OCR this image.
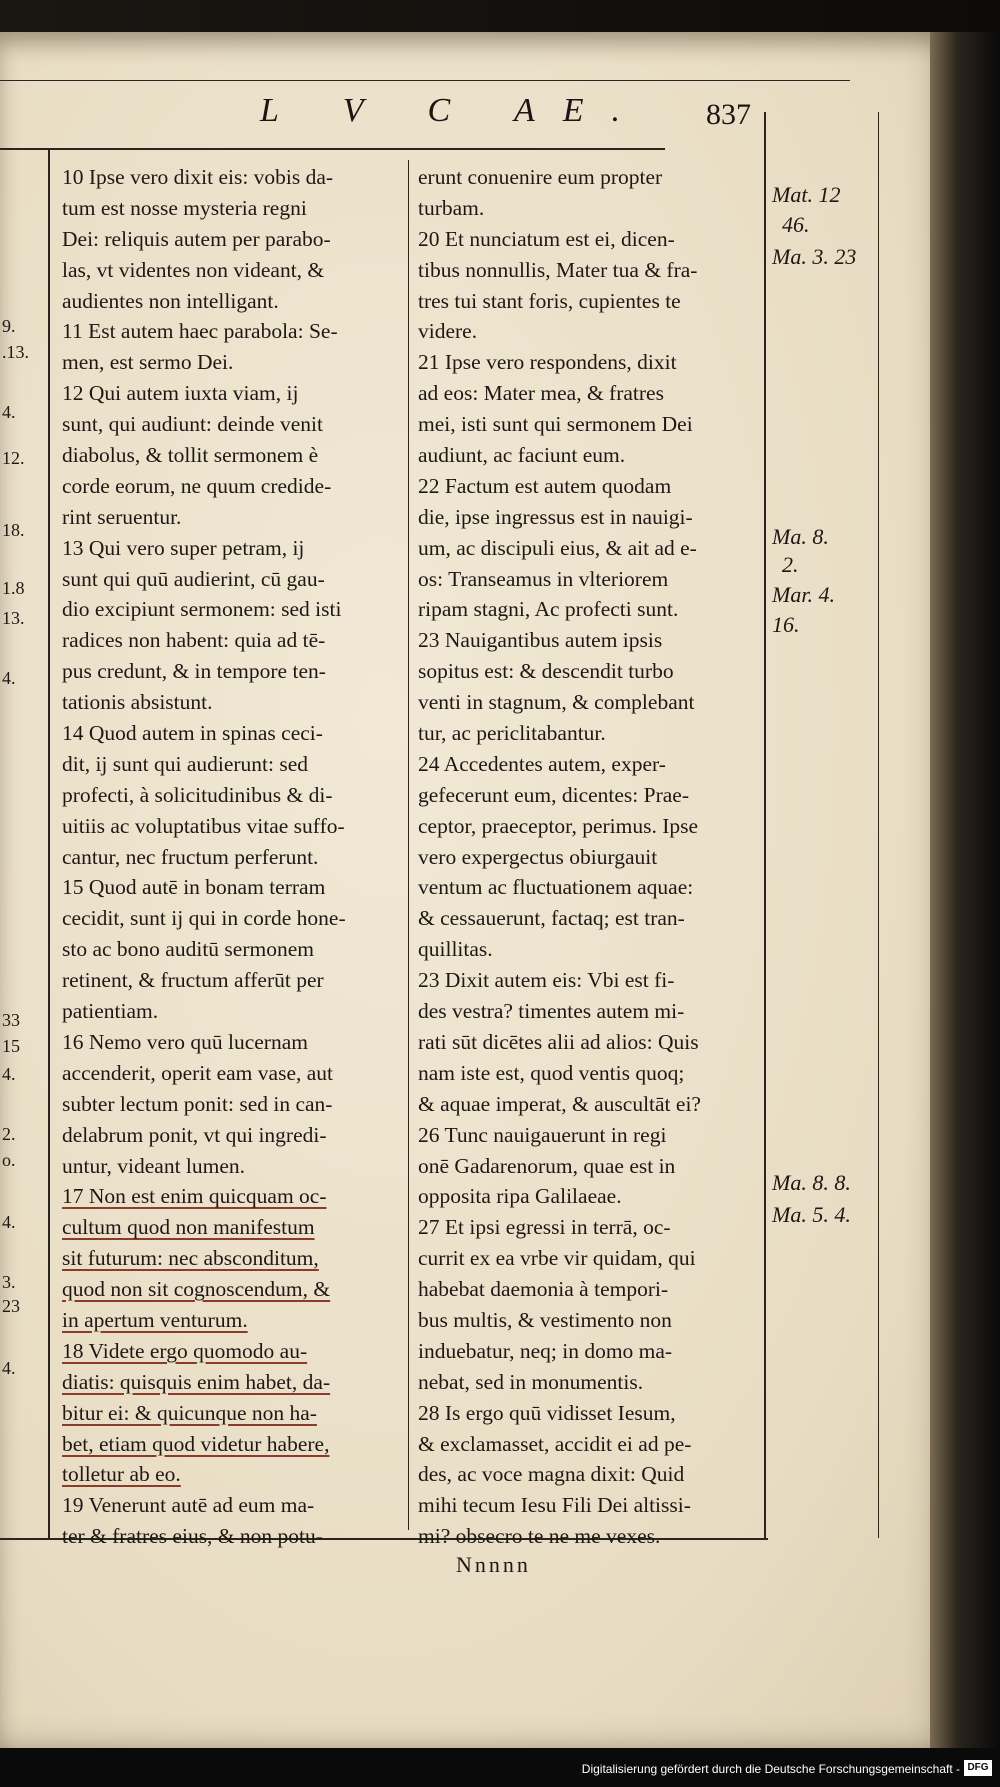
L V C AE.	837
10 Ipse vero dixit eis: vobis da-
tum est nosse mysteria regni
Dei: reliquis autem per parabo-
las, vt videntes non videant, &
audientes non intelligant.
11 Est autem haec parabola: Se-
men, est sermo Dei.
12 Qui autem iuxta viam, ij
sunt, qui audiunt: deinde venit
diabolus, & tollit sermonem è
corde eorum, ne quum credide-
rint seruentur.
13 Qui vero super petram, ij
sunt qui quū audierint, cū gau-
dio excipiunt sermonem: sed isti
radices non habent: quia ad tē-
pus credunt, & in tempore ten-
tationis absistunt.
14 Quod autem in spinas ceci-
dit, ij sunt qui audierunt: sed
profecti, à solicitudinibus & di-
uitiis ac voluptatibus vitae suffo-
cantur, nec fructum perferunt.
15 Quod autē in bonam terram
cecidit, sunt ij qui in corde hone-
sto ac bono auditū sermonem
retinent, & fructum afferūt per
patientiam.
16 Nemo vero quū lucernam
accenderit, operit eam vase, aut
subter lectum ponit: sed in can-
delabrum ponit, vt qui ingredi-
untur, videant lumen.
17 Non est enim quicquam oc-
cultum quod non manifestum
sit futurum: nec absconditum,
quod non sit cognoscendum, &
in apertum venturum.
18 Videte ergo quomodo au-
diatis: quisquis enim habet, da-
bitur ei: & quicunque non ha-
bet, etiam quod videtur habere,
tolletur ab eo.
19 Venerunt autē ad eum ma-
ter & fratres eius, & non potu-
erunt conuenire eum propter
turbam.
20 Et nunciatum est ei, dicen-
tibus nonnullis, Mater tua & fra-
tres tui stant foris, cupientes te
videre.
21 Ipse vero respondens, dixit
ad eos: Mater mea, & fratres
mei, isti sunt qui sermonem Dei
audiunt, ac faciunt eum.
22 Factum est autem quodam
die, ipse ingressus est in nauigi-
um, ac discipuli eius, & ait ad e-
os: Transeamus in vlteriorem
ripam stagni, Ac profecti sunt.
23 Nauigantibus autem ipsis
sopitus est: & descendit turbo
venti in stagnum, & complebant
tur, ac periclitabantur.
24 Accedentes autem, exper-
gefecerunt eum, dicentes: Prae-
ceptor, praeceptor, perimus. Ipse
vero expergectus obiurgauit
ventum ac fluctuationem aquae:
& cessauerunt, factaq; est tran-
quillitas.
23 Dixit autem eis: Vbi est fi-
des vestra? timentes autem mi-
rati sūt dicētes alii ad alios: Quis
nam iste est, quod ventis quoq;
& aquae imperat, & auscultāt ei?
26 Tunc nauigauerunt in regi
onē Gadarenorum, quae est in
opposita ripa Galilaeae.
27 Et ipsi egressi in terrā, oc-
currit ex ea vrbe vir quidam, qui
habebat daemonia à tempori-
bus multis, & vestimento non
induebatur, neq; in domo ma-
nebat, sed in monumentis.
28 Is ergo quū vidisset Iesum,
& exclamasset, accidit ei ad pe-
des, ac voce magna dixit: Quid
mihi tecum Iesu Fili Dei altissi-
mi? obsecro te ne me vexes.
9.
.13.
4.
12.
18.
1.8
13.
4.
33
15
4.
2.
o.
4.
3.
23
4.
Mat. 12
46.
Ma. 3. 23
Ma. 8.
2.
Mar. 4.
16.
Ma. 8. 8.
Ma. 5. 4.
Nnnnn
Digitalisierung gefördert durch die Deutsche Forschungsgemeinschaft - DFG
